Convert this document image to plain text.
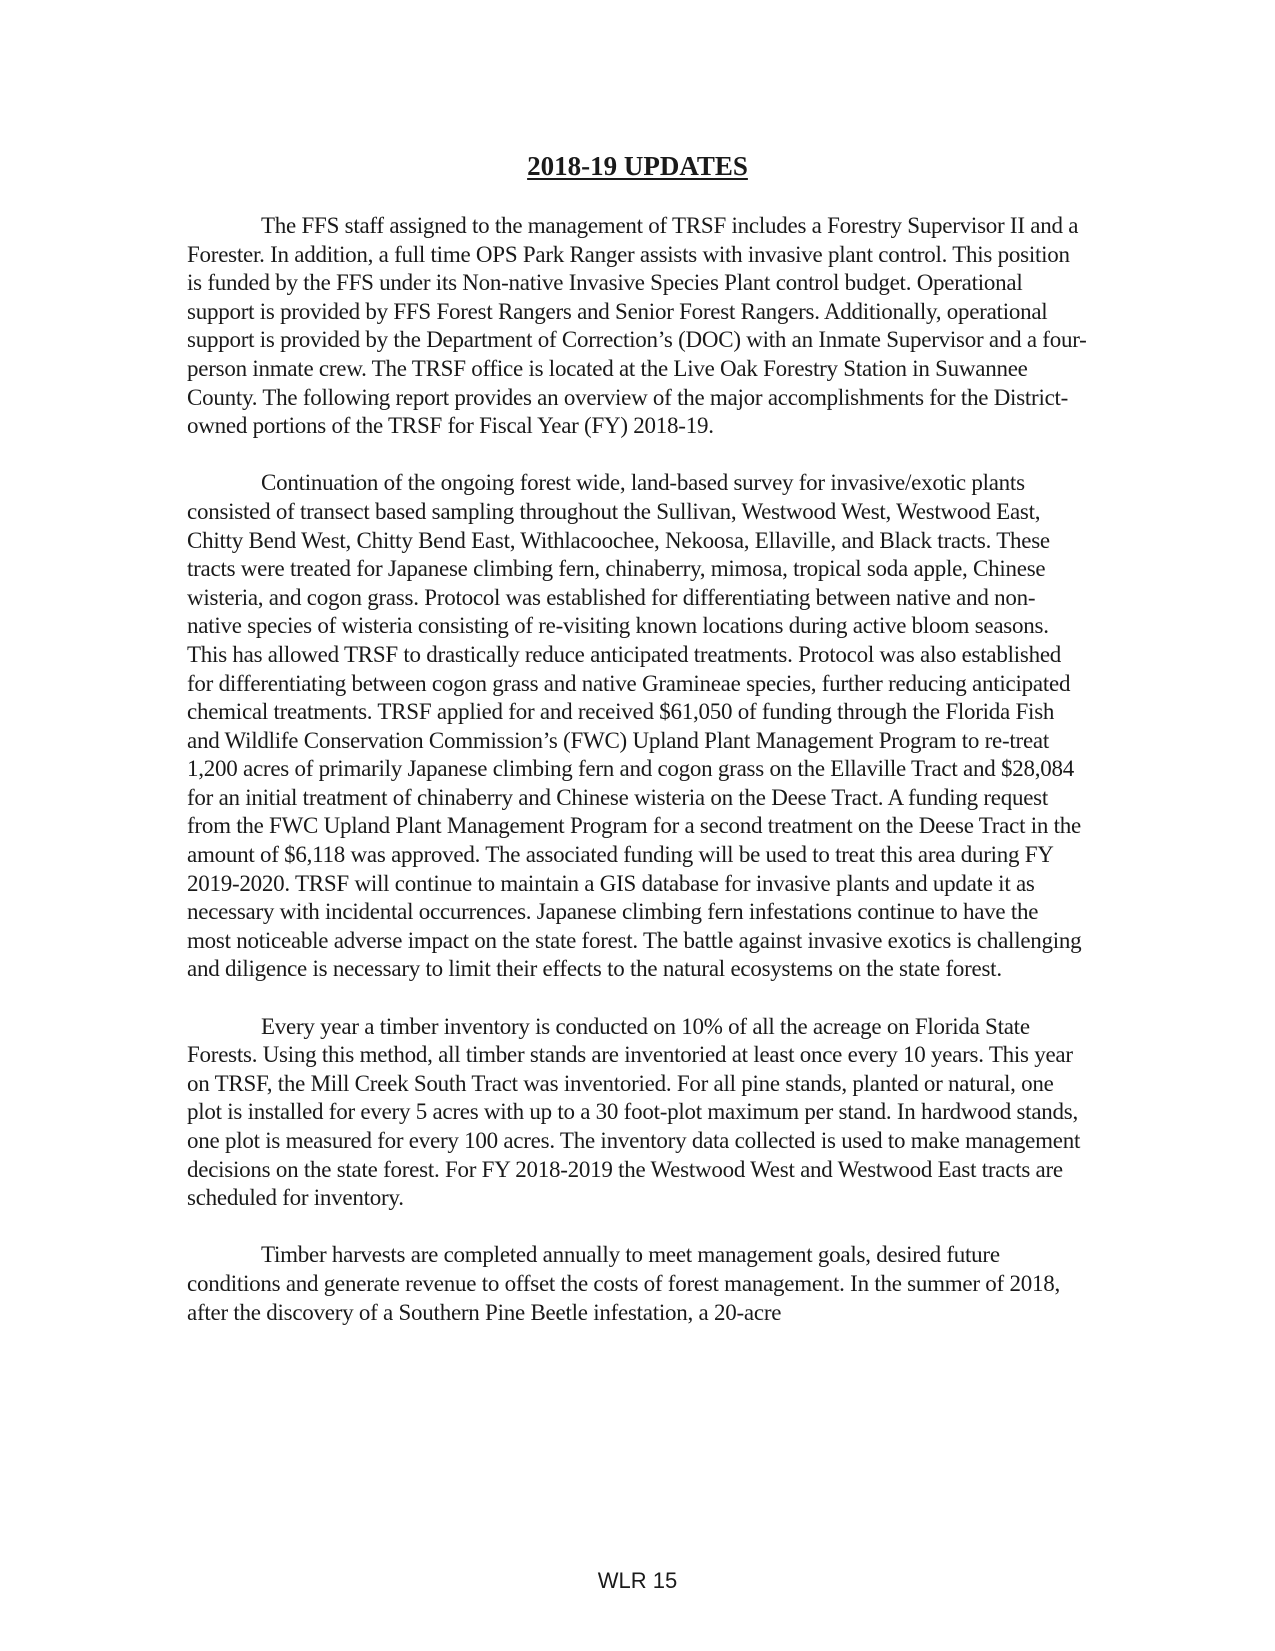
2018-19 UPDATES

The FFS staff assigned to the management of TRSF includes a Forestry Supervisor II and a Forester. In addition, a full time OPS Park Ranger assists with invasive plant control. This position is funded by the FFS under its Non-native Invasive Species Plant control budget. Operational support is provided by FFS Forest Rangers and Senior Forest Rangers. Additionally, operational support is provided by the Department of Correction’s (DOC) with an Inmate Supervisor and a four-person inmate crew. The TRSF office is located at the Live Oak Forestry Station in Suwannee County. The following report provides an overview of the major accomplishments for the District-owned portions of the TRSF for Fiscal Year (FY) 2018-19.

Continuation of the ongoing forest wide, land-based survey for invasive/exotic plants consisted of transect based sampling throughout the Sullivan, Westwood West, Westwood East, Chitty Bend West, Chitty Bend East, Withlacoochee, Nekoosa, Ellaville, and Black tracts. These tracts were treated for Japanese climbing fern, chinaberry, mimosa, tropical soda apple, Chinese wisteria, and cogon grass. Protocol was established for differentiating between native and non-native species of wisteria consisting of re-visiting known locations during active bloom seasons. This has allowed TRSF to drastically reduce anticipated treatments. Protocol was also established for differentiating between cogon grass and native Gramineae species, further reducing anticipated chemical treatments. TRSF applied for and received $61,050 of funding through the Florida Fish and Wildlife Conservation Commission’s (FWC) Upland Plant Management Program to re-treat 1,200 acres of primarily Japanese climbing fern and cogon grass on the Ellaville Tract and $28,084 for an initial treatment of chinaberry and Chinese wisteria on the Deese Tract. A funding request from the FWC Upland Plant Management Program for a second treatment on the Deese Tract in the amount of $6,118 was approved. The associated funding will be used to treat this area during FY 2019-2020. TRSF will continue to maintain a GIS database for invasive plants and update it as necessary with incidental occurrences. Japanese climbing fern infestations continue to have the most noticeable adverse impact on the state forest. The battle against invasive exotics is challenging and diligence is necessary to limit their effects to the natural ecosystems on the state forest.

Every year a timber inventory is conducted on 10% of all the acreage on Florida State Forests. Using this method, all timber stands are inventoried at least once every 10 years. This year on TRSF, the Mill Creek South Tract was inventoried. For all pine stands, planted or natural, one plot is installed for every 5 acres with up to a 30 foot-plot maximum per stand. In hardwood stands, one plot is measured for every 100 acres. The inventory data collected is used to make management decisions on the state forest. For FY 2018-2019 the Westwood West and Westwood East tracts are scheduled for inventory.

Timber harvests are completed annually to meet management goals, desired future conditions and generate revenue to offset the costs of forest management. In the summer of 2018, after the discovery of a Southern Pine Beetle infestation, a 20-acre

WLR 15
